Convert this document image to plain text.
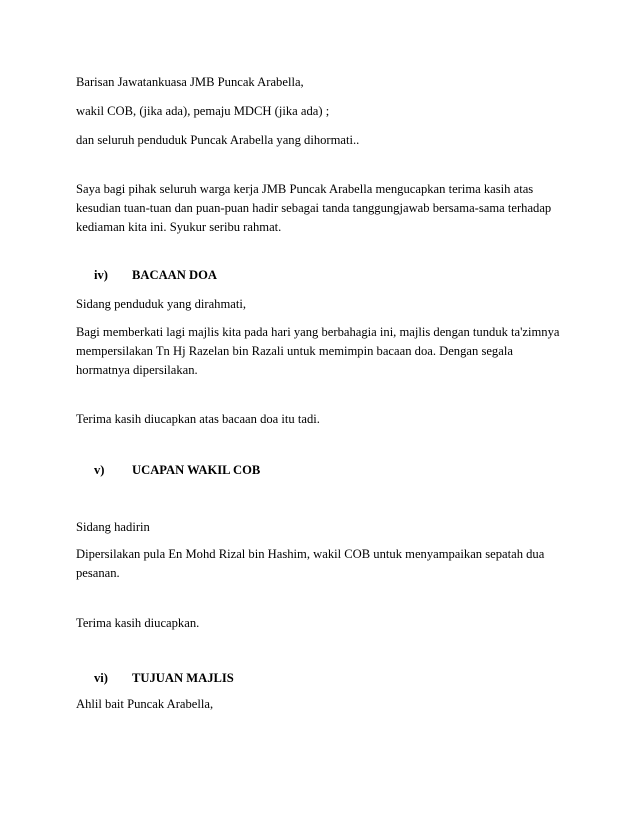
Barisan Jawatankuasa JMB Puncak Arabella,
wakil COB, (jika ada), pemaju MDCH (jika ada) ;
dan seluruh penduduk Puncak Arabella yang dihormati..
Saya bagi pihak seluruh warga kerja JMB Puncak Arabella mengucapkan terima kasih atas
kesudian tuan-tuan dan puan-puan hadir sebagai tanda tanggungjawab bersama-sama terhadap
kediaman kita ini. Syukur seribu rahmat.
iv) BACAAN DOA
Sidang penduduk yang dirahmati,
Bagi memberkati lagi majlis kita pada hari yang berbahagia ini, majlis dengan tunduk ta'zimnya
mempersilakan Tn Hj Razelan bin Razali untuk memimpin bacaan doa. Dengan segala
hormatnya dipersilakan.
Terima kasih diucapkan atas bacaan doa itu tadi.
v) UCAPAN WAKIL COB
Sidang hadirin
Dipersilakan pula En Mohd Rizal bin Hashim, wakil COB untuk menyampaikan sepatah dua
pesanan.
Terima kasih diucapkan.
vi) TUJUAN MAJLIS
Ahlil bait Puncak Arabella,
